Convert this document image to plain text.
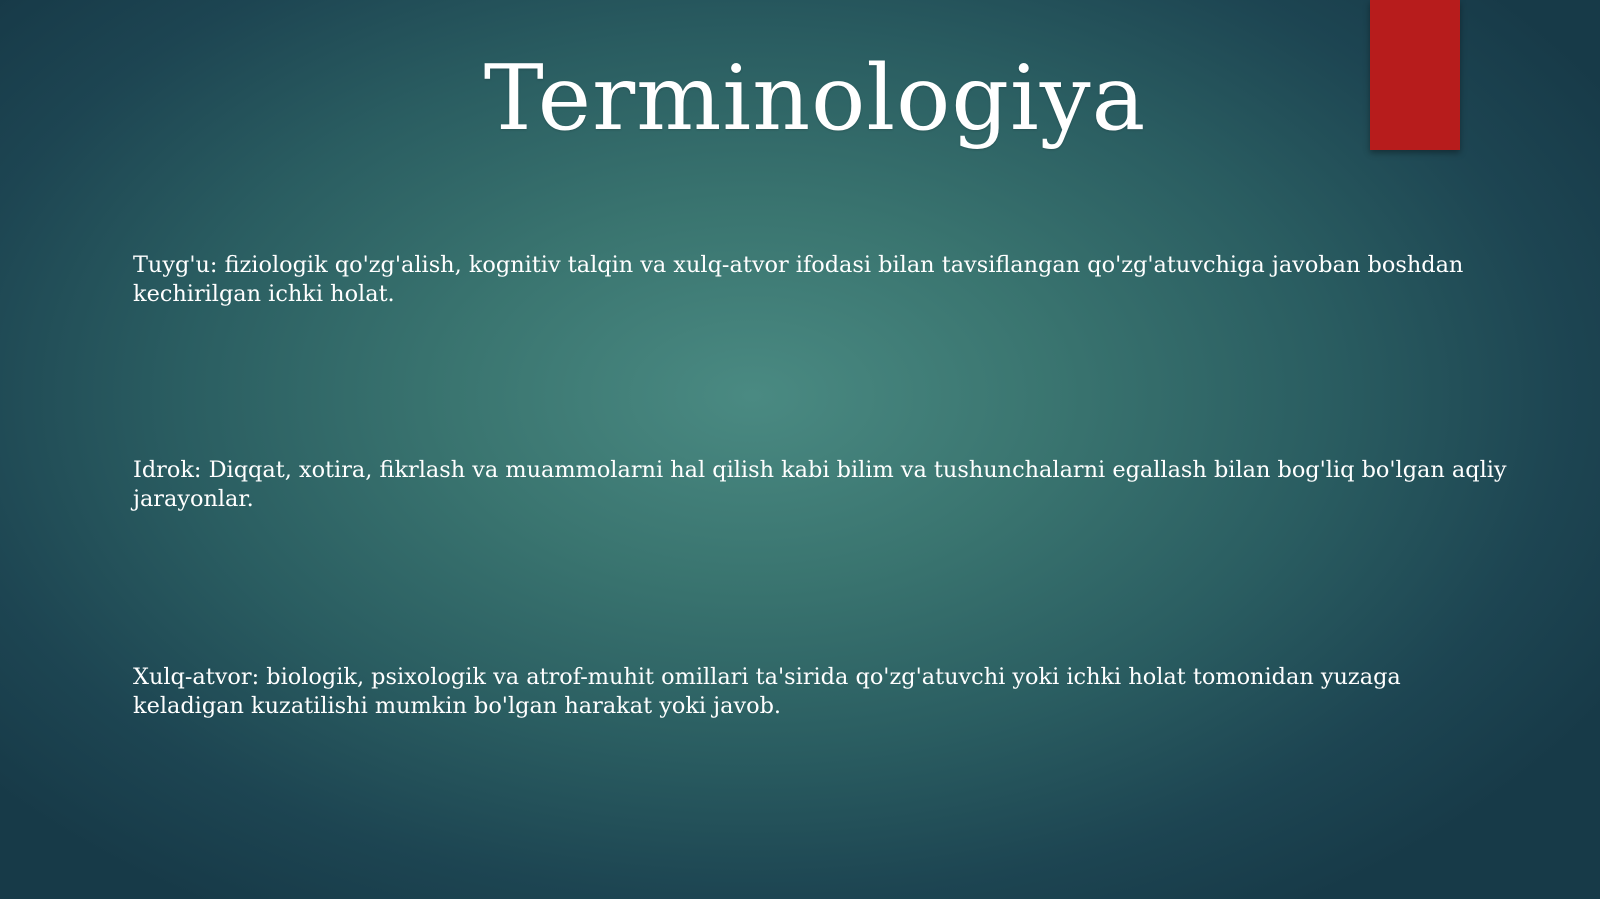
Terminologiya

Tuyg'u: fiziologik qo'zg'alish, kognitiv talqin va xulq-atvor ifodasi bilan tavsiflangan qo'zg'atuvchiga javoban boshdan kechirilgan ichki holat.

Idrok: Diqqat, xotira, fikrlash va muammolarni hal qilish kabi bilim va tushunchalarni egallash bilan bog'liq bo'lgan aqliy jarayonlar.

Xulq-atvor: biologik, psixologik va atrof-muhit omillari ta'sirida qo'zg'atuvchi yoki ichki holat tomonidan yuzaga keladigan kuzatilishi mumkin bo'lgan harakat yoki javob.
